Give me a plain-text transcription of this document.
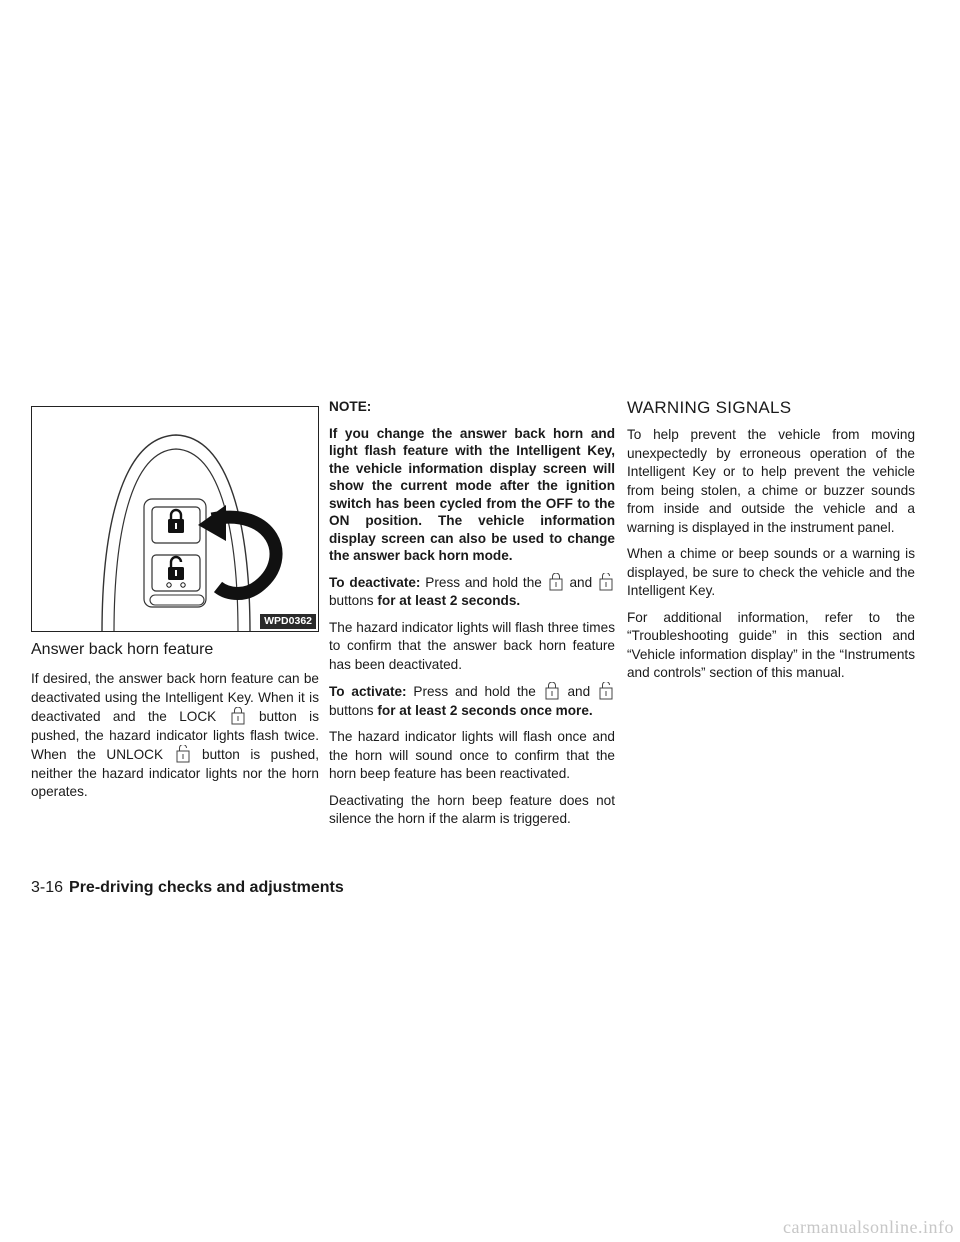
WPD0362
Answer back horn feature

If desired, the answer back horn feature can be deactivated using the Intelligent Key. When it is deactivated and the LOCK	button is pushed, the hazard indicator lights flash twice. When the UNLOCK	button is pushed, neither the hazard indicator lights nor the horn operates.

NOTE:

If you change the answer back horn and light flash feature with the Intelligent Key, the vehicle information display screen will show the current mode after the ignition switch has been cycled from the OFF to the ON position. The vehicle information display screen can also be used to change the answer back horn mode.

To deactivate: Press and hold the and  buttons for at least 2 seconds.

The hazard indicator lights will flash three times to confirm that the answer back horn feature has been deactivated.

To activate: Press and hold the and  buttons for at least 2 seconds once more.

The hazard indicator lights will flash once and the horn will sound once to confirm that the horn beep feature has been reactivated.

Deactivating the horn beep feature does not silence the horn if the alarm is triggered.

WARNING SIGNALS

To help prevent the vehicle from moving unexpectedly by erroneous operation of the Intelligent Key or to help prevent the vehicle from being stolen, a chime or buzzer sounds from inside and outside the vehicle and a warning is displayed in the instrument panel.

When a chime or beep sounds or a warning is displayed, be sure to check the vehicle and the Intelligent Key.

For additional information, refer to the “Troubleshooting guide” in this section and “Vehicle information display” in the “Instruments and controls” section of this manual.

3-16 Pre-driving checks and adjustments
carmanualsonline.info
